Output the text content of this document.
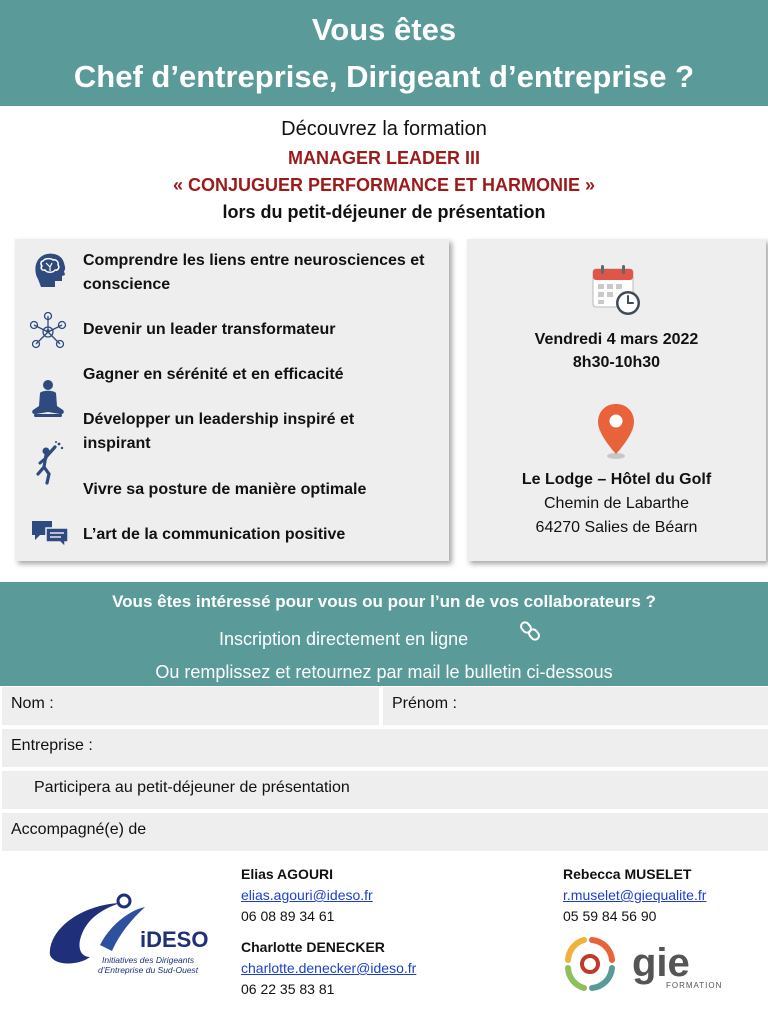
Vous êtes
Chef d’entreprise, Dirigeant d’entreprise ?
Découvrez la formation
MANAGER LEADER III
« CONJUGUER PERFORMANCE ET HARMONIE »
lors du petit-déjeuner de présentation
Comprendre les liens entre neurosciences et conscience
Devenir un leader transformateur
Gagner en sérénité et en efficacité
Développer un leadership inspiré et inspirant
Vivre sa posture de manière optimale
L’art de la communication positive
Vendredi 4 mars 2022
8h30-10h30
Le Lodge – Hôtel du Golf
Chemin de Labarthe
64270 Salies de Béarn
Vous êtes intéressé pour vous ou pour l’un de vos collaborateurs ?
Inscription directement en ligne
Ou remplissez et retournez par mail le bulletin ci-dessous
Nom :	Prénom :
Entreprise :
Participera au petit-déjeuner de présentation
Accompagné(e) de
iDESO
Initiatives des Dirigeants
d’Entreprise du Sud-Ouest
Elias AGOURI
elias.agouri@ideso.fr
06 08 89 34 61
Charlotte DENECKER
charlotte.denecker@ideso.fr
06 22 35 83 81
Rebecca MUSELET
r.muselet@giequalite.fr
05 59 84 56 90
gie
FORMATION
